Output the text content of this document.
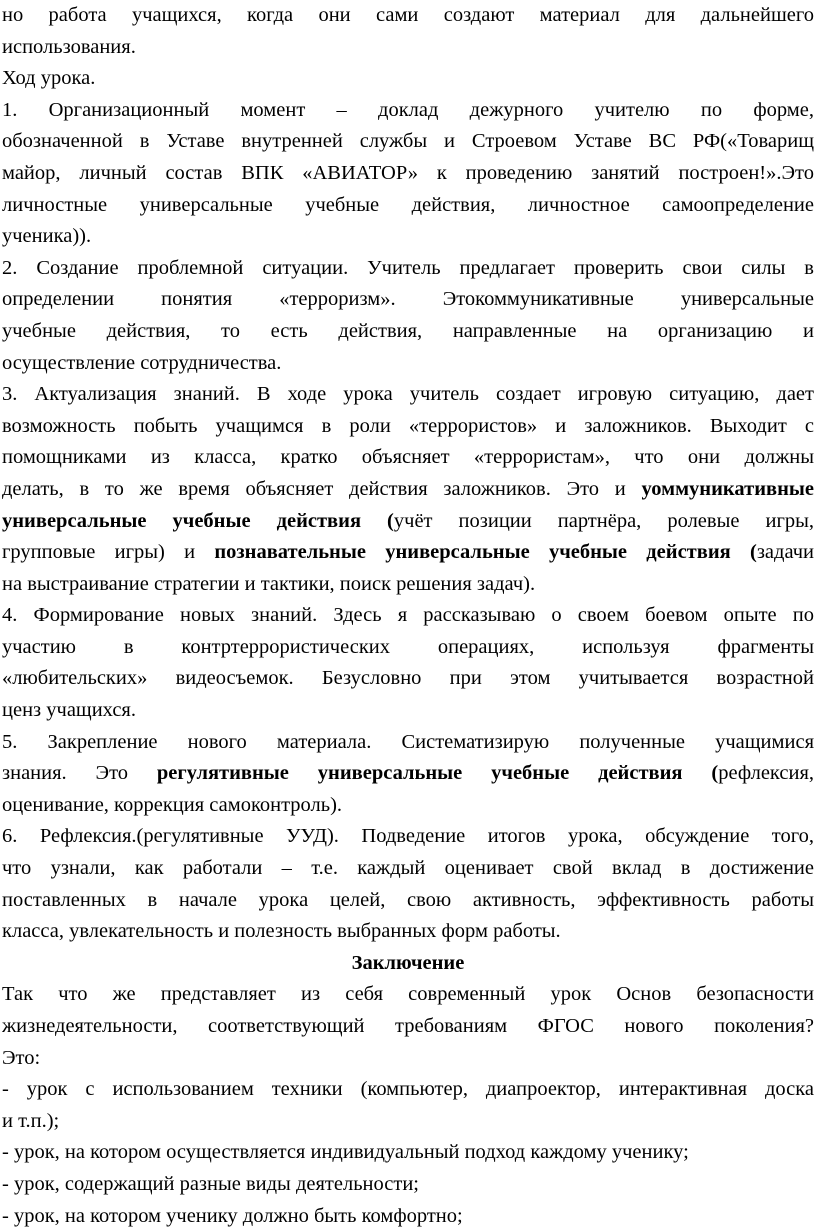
но работа учащихся, когда они сами создают материал для дальнейшего
использования.
Ход урока.
1. Организационный момент – доклад дежурного учителю по форме,
обозначенной в Уставе внутренней службы и Строевом Уставе ВС РФ(«Товарищ
майор, личный состав ВПК «АВИАТОР» к проведению занятий построен!».Это
личностные универсальные учебные действия, личностное самоопределение
ученика)).
2. Создание проблемной ситуации. Учитель предлагает проверить свои силы в
определении понятия «терроризм». Этокоммуникативные универсальные
учебные действия, то есть действия, направленные на организацию и
осуществление сотрудничества.
3. Актуализация знаний. В ходе урока учитель создает игровую ситуацию, дает
возможность побыть учащимся в роли «террористов» и заложников. Выходит с
помощниками из класса, кратко объясняет «террористам», что они должны
делать, в то же время объясняет действия заложников. Это и уоммуникативные
универсальные учебные действия (учёт позиции партнёра, ролевые игры,
групповые игры) и познавательные универсальные учебные действия (задачи
на выстраивание стратегии и тактики, поиск решения задач).
4. Формирование новых знаний. Здесь я рассказываю о своем боевом опыте по
участию в контртеррористических операциях, используя фрагменты
«любительских» видеосъемок. Безусловно при этом учитывается возрастной
ценз учащихся.
5. Закрепление нового материала. Систематизирую полученные учащимися
знания. Это регулятивные универсальные учебные действия (рефлексия,
оценивание, коррекция самоконтроль).
6. Рефлексия.(регулятивные УУД). Подведение итогов урока, обсуждение того,
что узнали, как работали – т.е. каждый оценивает свой вклад в достижение
поставленных в начале урока целей, свою активность, эффективность работы
класса, увлекательность и полезность выбранных форм работы.
Заключение
Так что же представляет из себя современный урок Основ безопасности
жизнедеятельности, соответствующий требованиям ФГОС нового поколения?
Это:
- урок с использованием техники (компьютер, диапроектор, интерактивная доска
и т.п.);
- урок, на котором осуществляется индивидуальный подход каждому ученику;
- урок, содержащий разные виды деятельности;
- урок, на котором ученику должно быть комфортно;
